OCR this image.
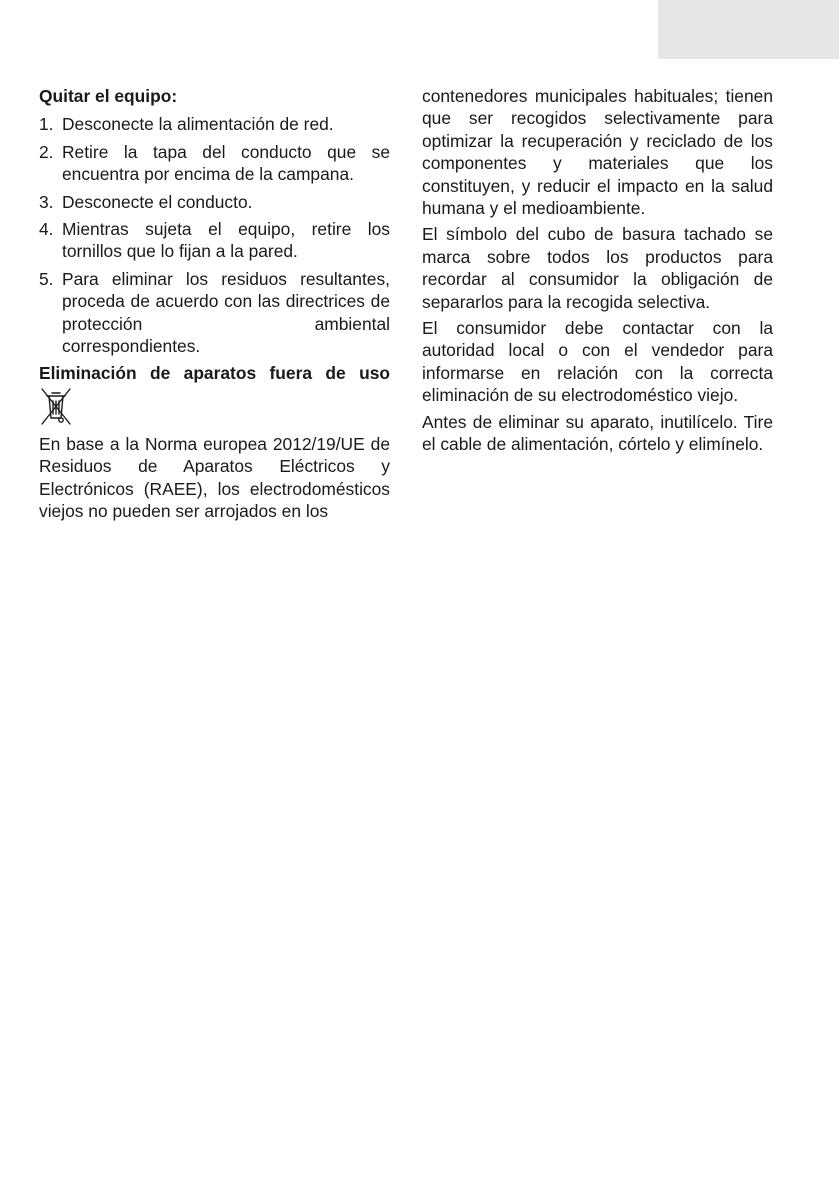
Quitar el equipo:

1. Desconecte la alimentación de red.
2. Retire la tapa del conducto que se encuentra por encima de la campana.
3. Desconecte el conducto.
4. Mientras sujeta el equipo, retire los tornillos que lo fijan a la pared.
5. Para eliminar los residuos resultantes, proceda de acuerdo con las directrices de protección ambiental
correspondientes.

Eliminación de aparatos fuera de uso

En base a la Norma europea 2012/19/UE de Residuos de Aparatos Eléctricos y Electrónicos (RAEE), los electrodomésticos viejos no pueden ser arrojados en los

contenedores municipales habituales; tienen que ser recogidos selectivamente para optimizar la recuperación y reciclado de los componentes y materiales que los constituyen, y reducir el impacto en la salud humana y el medioambiente.

El símbolo del cubo de basura tachado se marca sobre todos los productos para recordar al consumidor la obligación de separarlos para la recogida selectiva.

El consumidor debe contactar con la autoridad local o con el vendedor para informarse en relación con la correcta eliminación de su electrodoméstico viejo.

Antes de eliminar su aparato, inutilícelo. Tire el cable de alimentación, córtelo y elimínelo.
